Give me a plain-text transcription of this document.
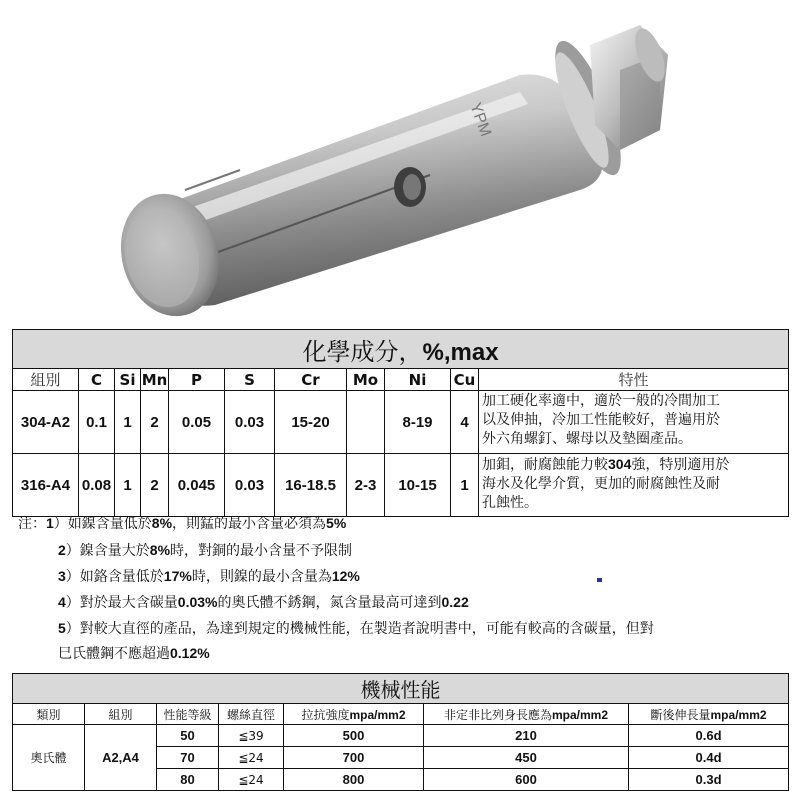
YPM
化學成分，%,max										
組別	C	Si	Mn	P	S	Cr	Mo	Ni	Cu	特性
304-A2	0.1	1	2	0.05	0.03	15-20		8-19	4	加工硬化率適中，適於一般的冷間加工
以及伸抽，冷加工性能較好，普遍用於
外六角螺釘、螺母以及墊圈產品。

316-A4	0.08	1	2	0.045	0.03	16-18.5	2-3	10-15	1	加鉬，耐腐蝕能力較304強，特別適用於
海水及化學介質，更加的耐腐蝕性及耐
孔蝕性。
注：1）如鎳含量低於8%，則錳的最小含量必須為5%
2）鎳含量大於8%時，對銅的最小含量不予限制
3）如鉻含量低於17%時，則鎳的最小含量為12%
4）對於最大含碳量0.03%的奧氏體不銹鋼，氮含量最高可達到0.22
5）對較大直徑的產品，為達到規定的機械性能，在製造者說明書中，可能有較高的含碳量，但對
巳氏體鋼不應超過0.12%
機械性能						
類別	組別	性能等級	螺絲直徑	拉抗強度mpa/mm2	非定非比列身長應為mpa/mm2	斷後伸長量mpa/mm2
奧氏體	A2,A4	50	≦39	500	210	0.6d
		70	≦24	700	450	0.4d
		80	≦24	800	600	0.3d
